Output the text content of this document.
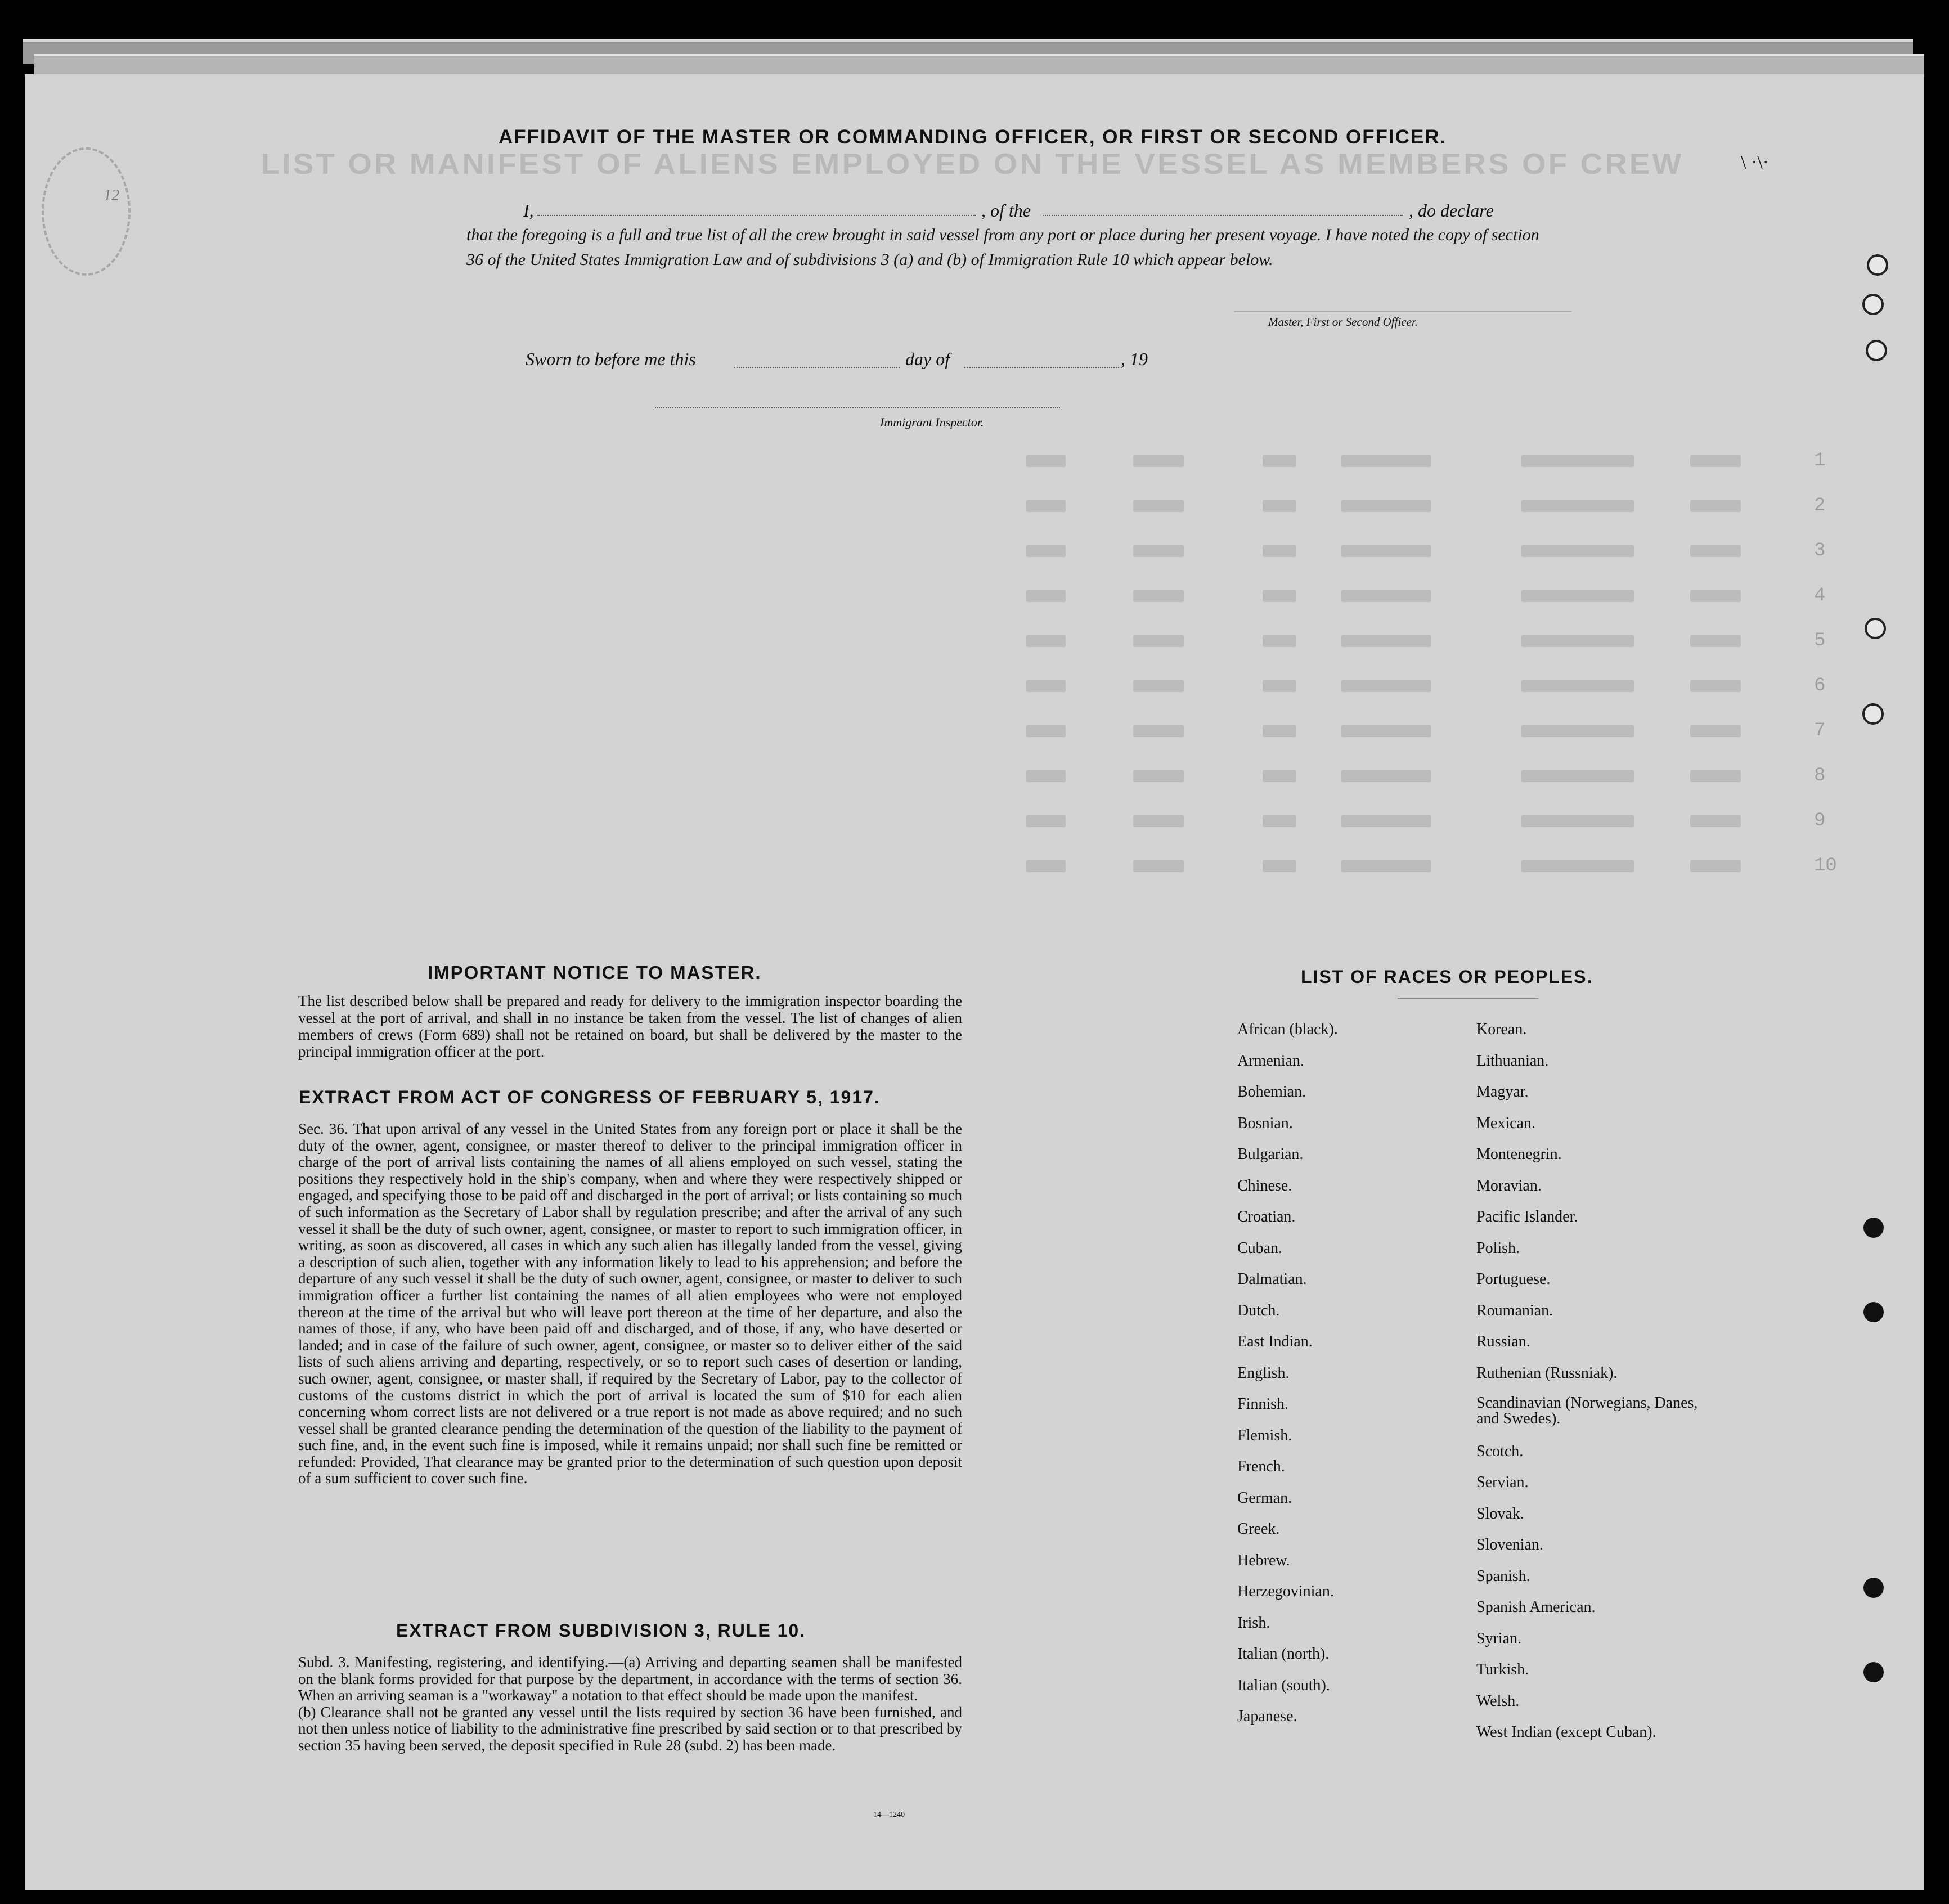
LIST OR MANIFEST OF ALIENS EMPLOYED ON THE VESSEL AS MEMBERS OF CREW
1
2
3
4
5
6
7
8
9
10
12
\ ·\·
AFFIDAVIT OF THE MASTER OR COMMANDING OFFICER, OR FIRST OR SECOND OFFICER.
I,	, of the	, do declare
that the foregoing is a full and true list of all the crew brought in said vessel from any port or place during her present voyage. I have noted the copy of section 36 of the United States Immigration Law and of subdivisions 3 (a) and (b) of Immigration Rule 10 which appear below.
Master, First or Second Officer.
Sworn to before me this	day of	, 19
Immigrant Inspector.
IMPORTANT NOTICE TO MASTER.
The list described below shall be prepared and ready for delivery to the immigration inspector boarding the vessel at the port of arrival, and shall in no instance be taken from the vessel. The list of changes of alien members of crews (Form 689) shall not be retained on board, but shall be delivered by the master to the principal immigration officer at the port.
EXTRACT FROM ACT OF CONGRESS OF FEBRUARY 5, 1917.
Sec. 36. That upon arrival of any vessel in the United States from any foreign port or place it shall be the duty of the owner, agent, consignee, or master thereof to deliver to the principal immigration officer in charge of the port of arrival lists containing the names of all aliens employed on such vessel, stating the positions they respectively hold in the ship's company, when and where they were respectively shipped or engaged, and specifying those to be paid off and discharged in the port of arrival; or lists containing so much of such information as the Secretary of Labor shall by regulation prescribe; and after the arrival of any such vessel it shall be the duty of such owner, agent, consignee, or master to report to such immigration officer, in writing, as soon as discovered, all cases in which any such alien has illegally landed from the vessel, giving a description of such alien, together with any information likely to lead to his apprehension; and before the departure of any such vessel it shall be the duty of such owner, agent, consignee, or master to deliver to such immigration officer a further list containing the names of all alien employees who were not employed thereon at the time of the arrival but who will leave port thereon at the time of her departure, and also the names of those, if any, who have been paid off and discharged, and of those, if any, who have deserted or landed; and in case of the failure of such owner, agent, consignee, or master so to deliver either of the said lists of such aliens arriving and departing, respectively, or so to report such cases of desertion or landing, such owner, agent, consignee, or master shall, if required by the Secretary of Labor, pay to the collector of customs of the customs district in which the port of arrival is located the sum of $10 for each alien concerning whom correct lists are not delivered or a true report is not made as above required; and no such vessel shall be granted clearance pending the determination of the question of the liability to the payment of such fine, and, in the event such fine is imposed, while it remains unpaid; nor shall such fine be remitted or refunded: Provided, That clearance may be granted prior to the determination of such question upon deposit of a sum sufficient to cover such fine.
EXTRACT FROM SUBDIVISION 3, RULE 10.
Subd. 3. Manifesting, registering, and identifying.—(a) Arriving and departing seamen shall be manifested on the blank forms provided for that purpose by the department, in accordance with the terms of section 36. When an arriving seaman is a "workaway" a notation to that effect should be made upon the manifest.
(b) Clearance shall not be granted any vessel until the lists required by section 36 have been furnished, and not then unless notice of liability to the administrative fine prescribed by said section or to that prescribed by section 35 having been served, the deposit specified in Rule 28 (subd. 2) has been made.
14—1240
LIST OF RACES OR PEOPLES.
African (black).
Armenian.
Bohemian.
Bosnian.
Bulgarian.
Chinese.
Croatian.
Cuban.
Dalmatian.
Dutch.
East Indian.
English.
Finnish.
Flemish.
French.
German.
Greek.
Hebrew.
Herzegovinian.
Irish.
Italian (north).
Italian (south).
Japanese.
Korean.
Lithuanian.
Magyar.
Mexican.
Montenegrin.
Moravian.
Pacific Islander.
Polish.
Portuguese.
Roumanian.
Russian.
Ruthenian (Russniak).
Scandinavian (Norwegians, Danes, and Swedes).
Scotch.
Servian.
Slovak.
Slovenian.
Spanish.
Spanish American.
Syrian.
Turkish.
Welsh.
West Indian (except Cuban).
